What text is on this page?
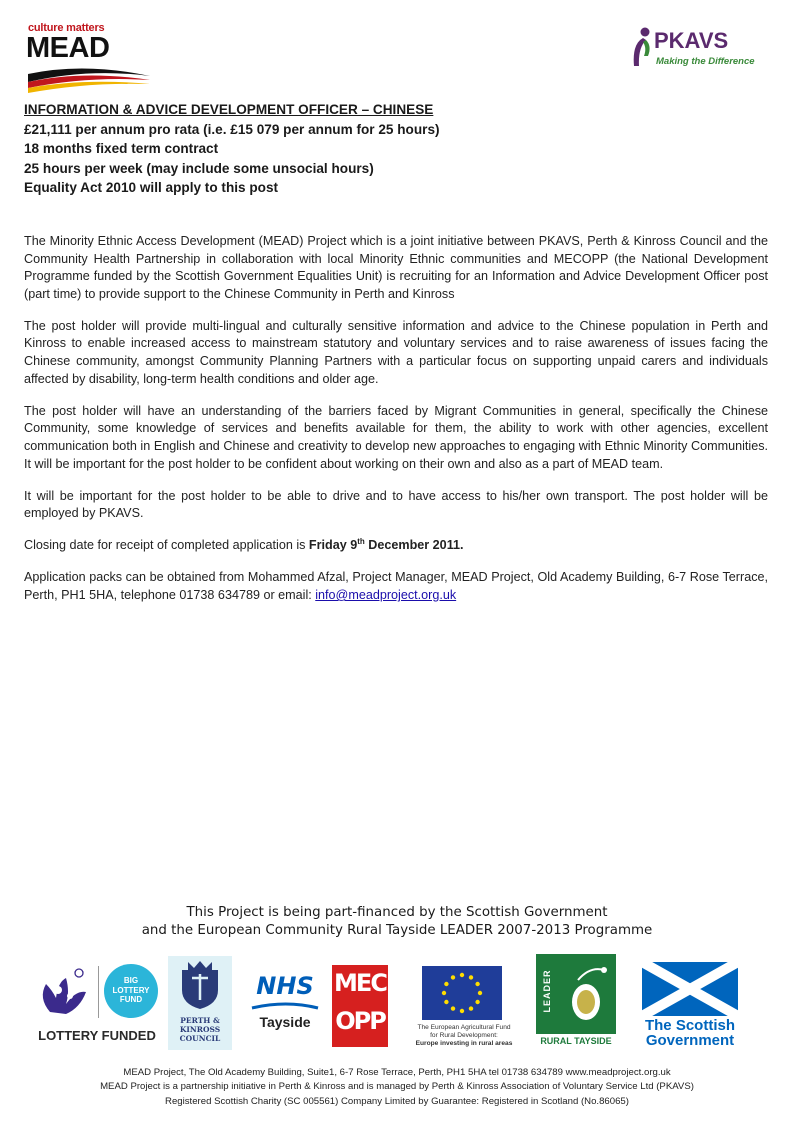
culture matters
MEAD	PKAVS
Making the Difference
INFORMATION & ADVICE DEVELOPMENT OFFICER – CHINESE
£21,111 per annum pro rata (i.e. £15 079 per annum for 25 hours)
18 months fixed term contract
25 hours per week (may include some unsocial hours)
Equality Act 2010 will apply to this post

The Minority Ethnic Access Development (MEAD) Project which is a joint initiative between PKAVS, Perth & Kinross Council and the Community Health Partnership in collaboration with local Minority Ethnic communities and MECOPP (the National Development Programme funded by the Scottish Government Equalities Unit) is recruiting for an Information and Advice Development Officer post (part time) to provide support to the Chinese Community in Perth and Kinross

The post holder will provide multi-lingual and culturally sensitive information and advice to the Chinese population in Perth and Kinross to enable increased access to mainstream statutory and voluntary services and to raise awareness of issues facing the Chinese community, amongst Community Planning Partners with a particular focus on supporting unpaid carers and individuals affected by disability, long-term health conditions and older age.

The post holder will have an understanding of the barriers faced by Migrant Communities in general, specifically the Chinese Community, some knowledge of services and benefits available for them, the ability to work with other agencies, excellent communication both in English and Chinese and creativity to develop new approaches to engaging with Ethnic Minority Communities. It will be important for the post holder to be confident about working on their own and also as a part of MEAD team.

It will be important for the post holder to be able to drive and to have access to his/her own transport. The post holder will be employed by PKAVS.

Closing date for receipt of completed application is Friday 9th December 2011.

Application packs can be obtained from Mohammed Afzal, Project Manager, MEAD Project, Old Academy Building, 6-7 Rose Terrace, Perth, PH1 5HA, telephone 01738 634789 or email: info@meadproject.org.uk

This Project is being part-financed by the Scottish Government
and the European Community Rural Tayside LEADER 2007-2013 Programme
BIG
LOTTERY
FUND
LOTTERY FUNDED
PERTH &
KINROSS
COUNCIL
NHS
Tayside
MEC
OPP	The European Agricultural Fund
for Rural Development:
Europe investing in rural areas
LEADER
RURAL TAYSIDE
The Scottish
Government
MEAD Project, The Old Academy Building, Suite1, 6-7 Rose Terrace, Perth, PH1 5HA tel 01738 634789 www.meadproject.org.uk
MEAD Project is a partnership initiative in Perth & Kinross and is managed by Perth & Kinross Association of Voluntary Service Ltd (PKAVS)
Registered Scottish Charity (SC 005561) Company Limited by Guarantee: Registered in Scotland (No.86065)
